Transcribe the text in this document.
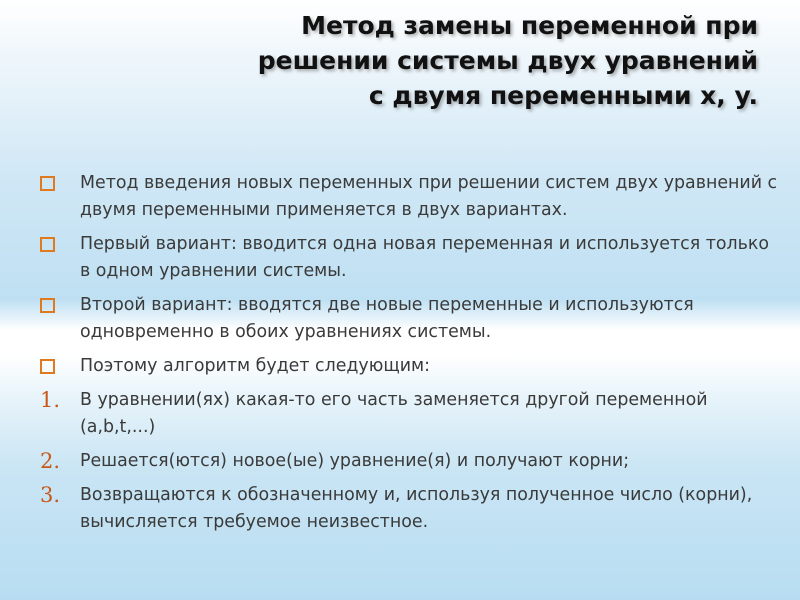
Метод замены переменной при
решении системы двух уравнений
с двумя переменными x, y.
Метод введения новых переменных при решении систем двух уравнений с двумя переменными применяется в двух вариантах.
Первый вариант: вводится одна новая переменная и используется только в одном уравнении системы.
Второй вариант: вводятся две новые переменные и используются одновременно в обоих уравнениях системы.
Поэтому алгоритм будет следующим:
1. В уравнении(ях) какая-то его часть заменяется другой переменной (a,b,t,...)
2. Решается(ются) новое(ые) уравнение(я) и получают корни;
3. Возвращаются к обозначенному и, используя полученное число (корни), вычисляется требуемое неизвестное.
